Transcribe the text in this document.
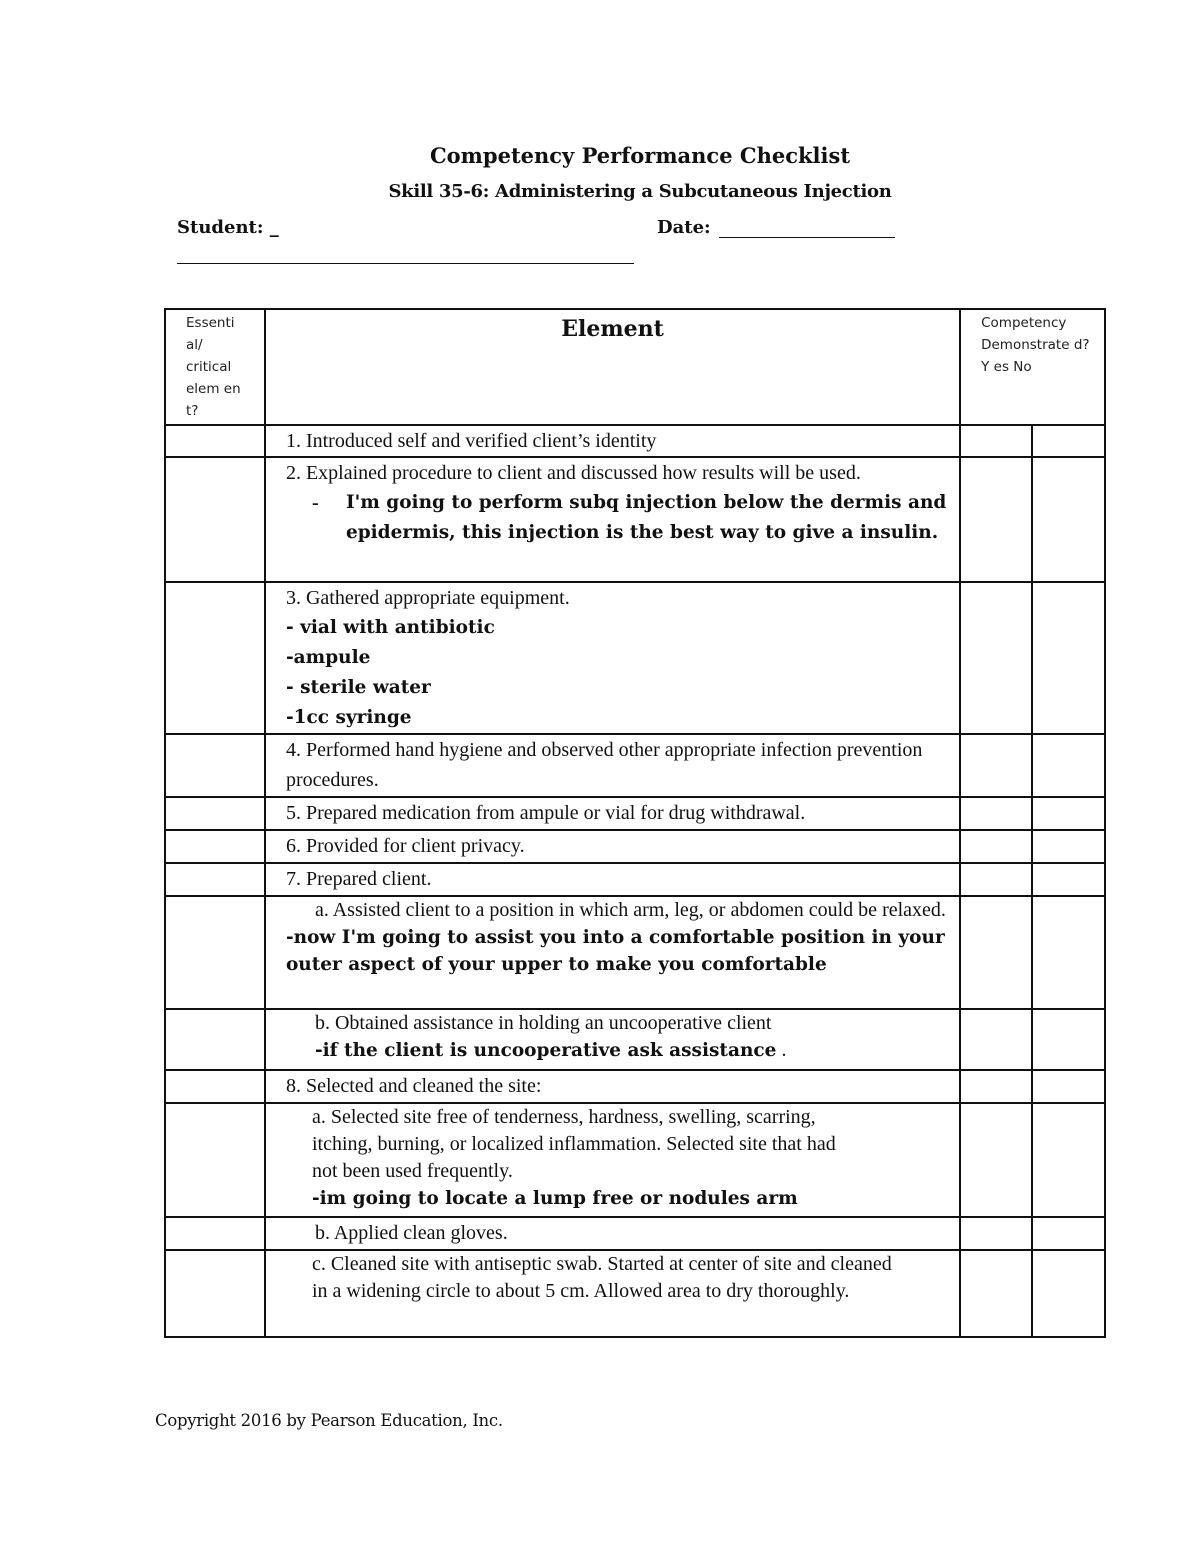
Competency Performance Checklist
Skill 35-6: Administering a Subcutaneous Injection
Student: _	Date:
Essenti al/ critical elem en t?	Element	Competency Demonstrate d? Y es No	

	1. Introduced self and verified client’s identity		

	2. Explained procedure to client and discussed how results will be used.
- I'm going to perform subq injection below the dermis and epidermis, this injection is the best way to give a insulin.		

	3. Gathered appropriate equipment.
- vial with antibiotic
-ampule
- sterile water
-1cc syringe		

	4. Performed hand hygiene and observed other appropriate infection prevention procedures.		

	5. Prepared medication from ampule or vial for drug withdrawal.		

	6. Provided for client privacy.		

	7. Prepared client.		

	a. Assisted client to a position in which arm, leg, or abdomen could be relaxed.
-now I'm going to assist you into a comfortable position in your outer aspect of your upper to make you comfortable		

	b. Obtained assistance in holding an uncooperative client
-if the client is uncooperative ask assistance .		

	8. Selected and cleaned the site:		

	a. Selected site free of tenderness, hardness, swelling, scarring, itching, burning, or localized inflammation. Selected site that had not been used frequently.
-im going to locate a lump free or nodules arm		

	b. Applied clean gloves.		

	c. Cleaned site with antiseptic swab. Started at center of site and cleaned in a widening circle to about 5 cm. Allowed area to dry thoroughly.		

Copyright 2016 by Pearson Education, Inc.
